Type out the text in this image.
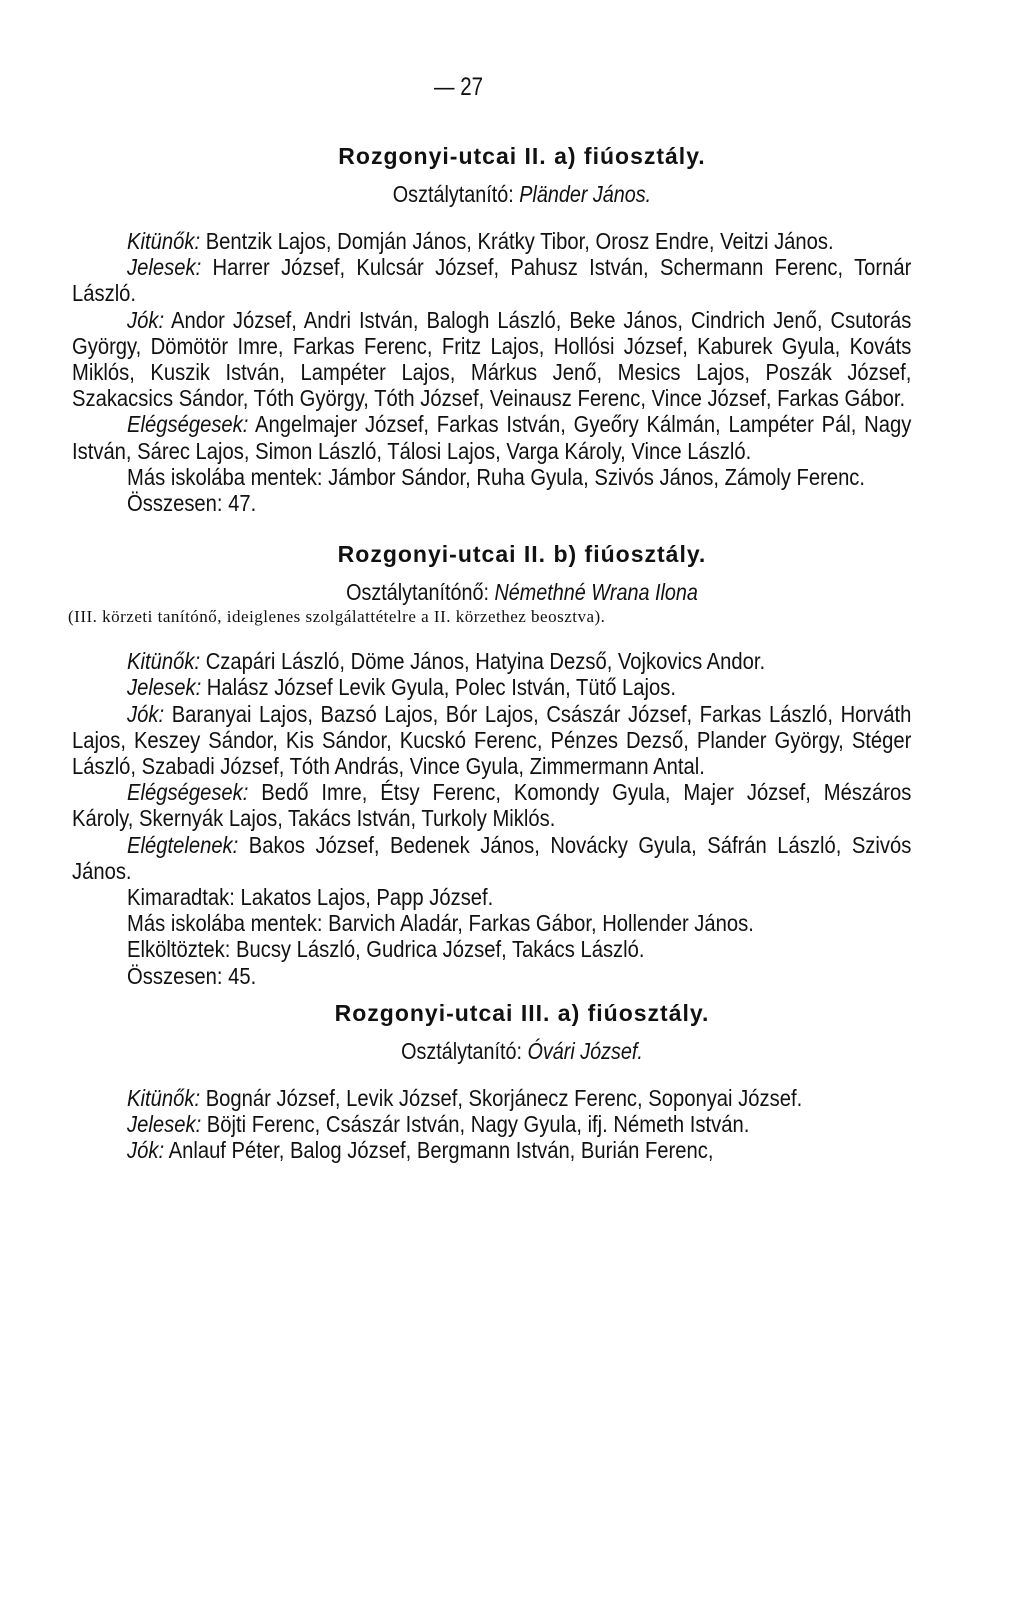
— 27
Rozgonyi-utcai II. a) fiúosztály.
Osztálytanító: Pländer János.

Kitünők: Bentzik Lajos, Domján János, Krátky Tibor, Orosz Endre, Veitzi János.

Jelesek: Harrer József, Kulcsár József, Pahusz István, Schermann Ferenc, Tornár László.

Jók: Andor József, Andri István, Balogh László, Beke János, Cindrich Jenő, Csutorás György, Dömötör Imre, Farkas Ferenc, Fritz Lajos, Hollósi József, Kaburek Gyula, Kováts Miklós, Kuszik István, Lampéter Lajos, Márkus Jenő, Mesics Lajos, Poszák József, Szakacsics Sándor, Tóth György, Tóth József, Veinausz Ferenc, Vince József, Farkas Gábor.

Elégségesek: Angelmajer József, Farkas István, Gyeőry Kálmán, Lampéter Pál, Nagy István, Sárec Lajos, Simon László, Tálosi Lajos, Varga Károly, Vince László.

Más iskolába mentek: Jámbor Sándor, Ruha Gyula, Szivós János, Zámoly Ferenc.

Összesen: 47.

Rozgonyi-utcai II. b) fiúosztály.
Osztálytanítónő: Némethné Wrana Ilona
(III. körzeti tanítónő, ideiglenes szolgálattételre a II. körzethez beosztva).

Kitünők: Czapári László, Döme János, Hatyina Dezső, Vojkovics Andor.

Jelesek: Halász József Levik Gyula, Polec István, Tütő Lajos.

Jók: Baranyai Lajos, Bazsó Lajos, Bór Lajos, Császár József, Farkas László, Horváth Lajos, Keszey Sándor, Kis Sándor, Kucskó Ferenc, Pénzes Dezső, Plander György, Stéger László, Szabadi József, Tóth András, Vince Gyula, Zimmermann Antal.

Elégségesek: Bedő Imre, Étsy Ferenc, Komondy Gyula, Majer József, Mészáros Károly, Skernyák Lajos, Takács István, Turkoly Miklós.

Elégtelenek: Bakos József, Bedenek János, Novácky Gyula, Sáfrán László, Szivós János.

Kimaradtak: Lakatos Lajos, Papp József.

Más iskolába mentek: Barvich Aladár, Farkas Gábor, Hollender János.

Elköltöztek: Bucsy László, Gudrica József, Takács László.

Összesen: 45.

Rozgonyi-utcai III. a) fiúosztály.
Osztálytanító: Óvári József.

Kitünők: Bognár József, Levik József, Skorjánecz Ferenc, Soponyai József.

Jelesek: Böjti Ferenc, Császár István, Nagy Gyula, ifj. Németh István.

Jók: Anlauf Péter, Balog József, Bergmann István, Burián Ferenc,
